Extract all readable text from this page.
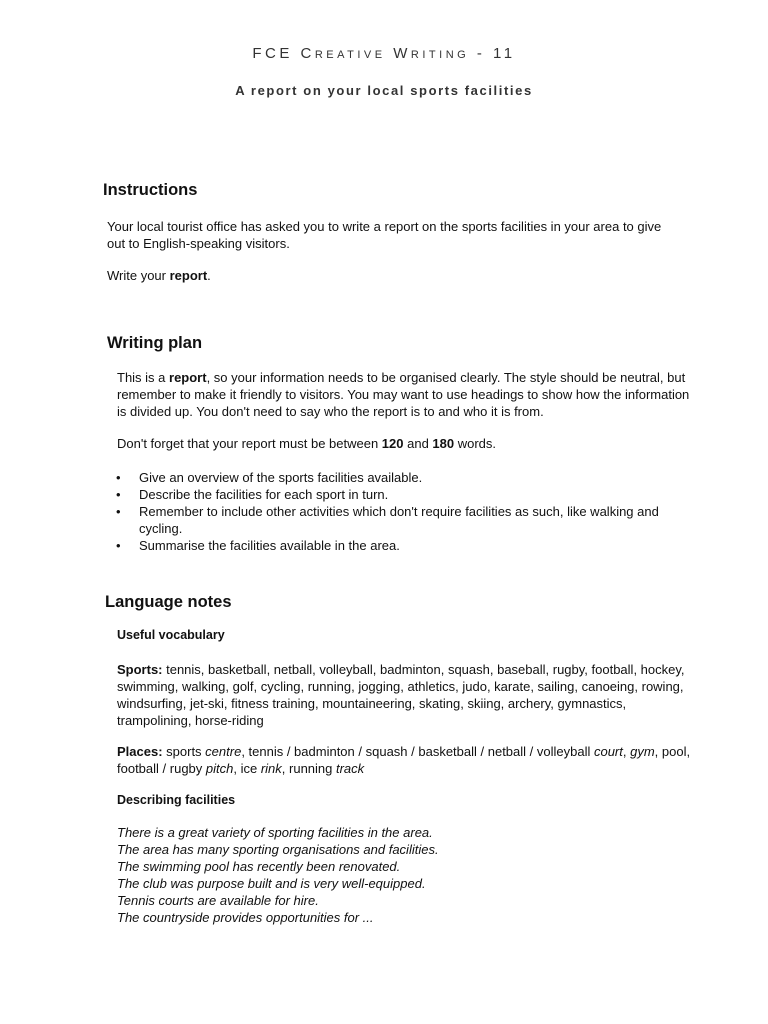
FCE Creative Writing - 11
A report on your local sports facilities
Instructions

Your local tourist office has asked you to write a report on the sports facilities in your area to give out to English-speaking visitors.

Write your report.

Writing plan

This is a report, so your information needs to be organised clearly. The style should be neutral, but remember to make it friendly to visitors. You may want to use headings to show how the information is divided up. You don't need to say who the report is to and who it is from.

Don't forget that your report must be between 120 and 180 words.

• Give an overview of the sports facilities available.
• Describe the facilities for each sport in turn.
• Remember to include other activities which don't require facilities as such, like walking and cycling.
• Summarise the facilities available in the area.
Language notes
Useful vocabulary

Sports: tennis, basketball, netball, volleyball, badminton, squash, baseball, rugby, football, hockey, swimming, walking, golf, cycling, running, jogging, athletics, judo, karate, sailing, canoeing, rowing, windsurfing, jet-ski, fitness training, mountaineering, skating, skiing, archery, gymnastics, trampolining, horse-riding

Places: sports centre, tennis / badminton / squash / basketball / netball / volleyball court, gym, pool, football / rugby pitch, ice rink, running track

Describing facilities
There is a great variety of sporting facilities in the area.
The area has many sporting organisations and facilities.
The swimming pool has recently been renovated.
The club was purpose built and is very well-equipped.
Tennis courts are available for hire.
The countryside provides opportunities for ...
